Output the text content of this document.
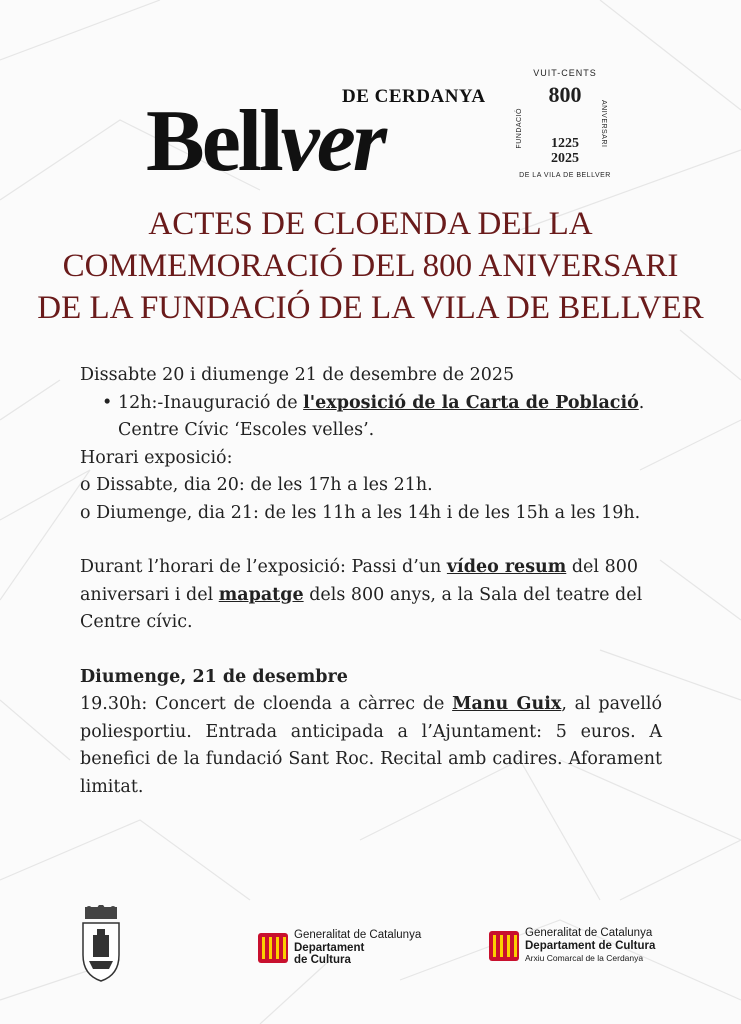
DE CERDANYA
Bellver
VUIT-CENTS
800
FUNDACIÓ	ANIVERSARI
1225
2025
DE LA VILA DE BELLVER
ACTES DE CLOENDA DEL LA
COMMEMORACIÓ DEL 800 ANIVERSARI
DE LA FUNDACIÓ DE LA VILA DE BELLVER

Dissabte 20 i diumenge 21 de desembre de 2025

• 12h:-Inauguració de l'exposició de la Carta de Població.
Centre Cívic ‘Escoles velles’.

Horari exposició:

o Dissabte, dia 20: de les 17h a les 21h.

o Diumenge, dia 21: de les 11h a les 14h i de les 15h a les 19h.

Durant l’horari de l’exposició: Passi d’un vídeo resum del 800 aniversari i del mapatge dels 800 anys, a la Sala del teatre del Centre cívic.

Diumenge, 21 de desembre

19.30h: Concert de cloenda a càrrec de Manu Guix, al pavelló poliesportiu. Entrada anticipada a l’Ajuntament: 5 euros. A benefici de la fundació Sant Roc. Recital amb cadires. Aforament limitat.

Generalitat de Catalunya
Departament
de Cultura
Generalitat de Catalunya
Departament de Cultura
Arxiu Comarcal de la Cerdanya
